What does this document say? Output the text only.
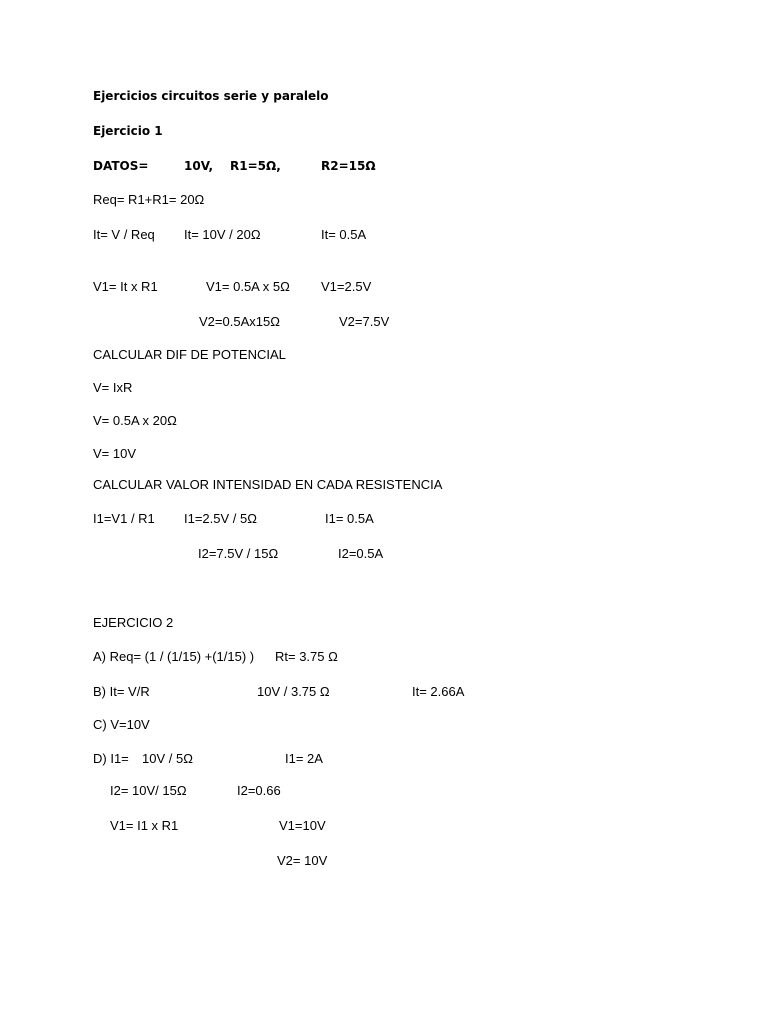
Ejercicios circuitos serie y paralelo
Ejercicio 1
DATOS=	10V, R1=5Ω,	R2=15Ω
Req= R1+R1= 20Ω
It= V / Req It= 10V / 20Ω	It= 0.5A
V1= It x R1	V1= 0.5A x 5Ω V1=2.5V
V2=0.5Ax15Ω	V2=7.5V
CALCULAR DIF DE POTENCIAL
V= IxR
V= 0.5A x 20Ω
V= 10V
CALCULAR VALOR INTENSIDAD EN CADA RESISTENCIA
I1=V1 / R1 I1=2.5V / 5Ω	I1= 0.5A
I2=7.5V / 15Ω	I2=0.5A
EJERCICIO 2
A) Req= (1 / (1/15) +(1/15) ) Rt= 3.75 Ω
B) It= V/R	10V / 3.75 Ω	It= 2.66A
C) V=10V
D) I1= 10V / 5Ω	I1= 2A
I2= 10V/ 15Ω	I2=0.66
V1= I1 x R1	V1=10V
V2= 10V
